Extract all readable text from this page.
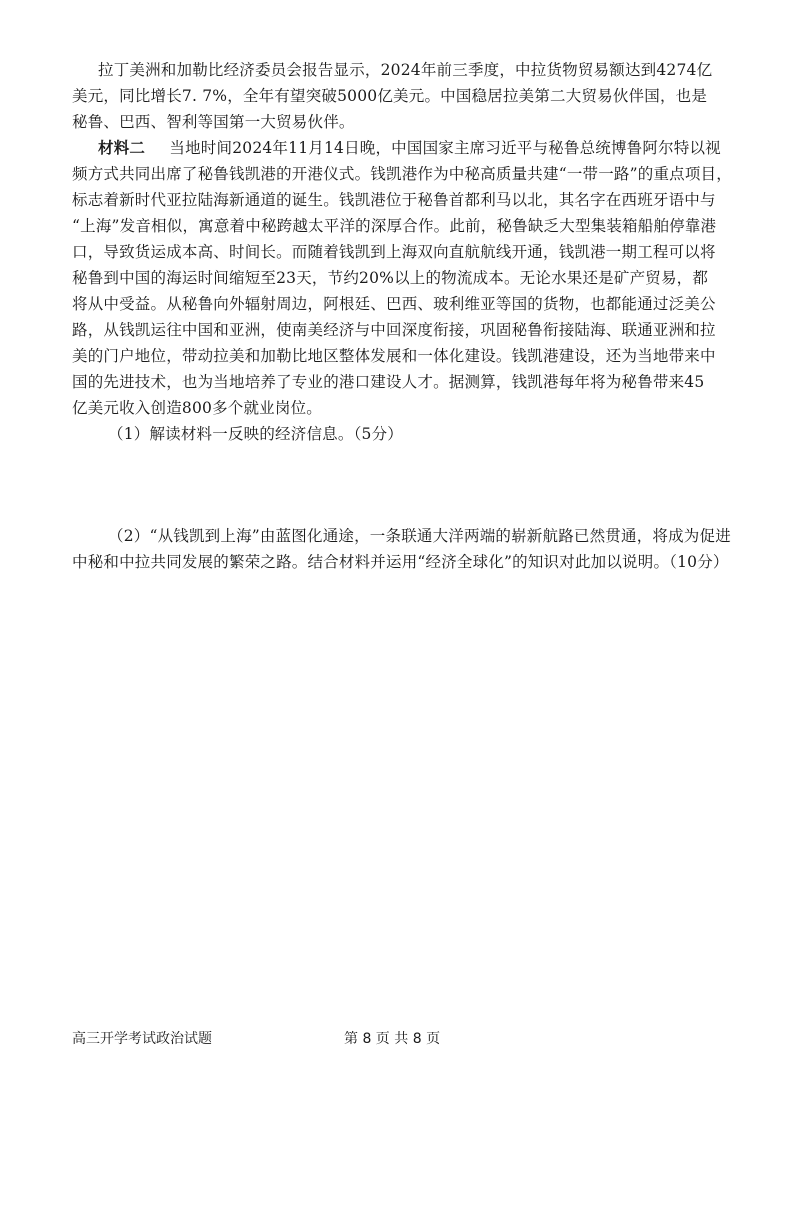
拉丁美洲和加勒比经济委员会报告显示，2024年前三季度，中拉货物贸易额达到4274亿
美元，同比增长7. 7%，全年有望突破5000亿美元。中国稳居拉美第二大贸易伙伴国，也是
秘鲁、巴西、智利等国第一大贸易伙伴。
材料二 当地时间2024年11月14日晚，中国国家主席习近平与秘鲁总统博鲁阿尔特以视
频方式共同出席了秘鲁钱凯港的开港仪式。钱凯港作为中秘高质量共建“一带一路”的重点项目，
标志着新时代亚拉陆海新通道的诞生。钱凯港位于秘鲁首都利马以北，其名字在西班牙语中与
“上海”发音相似，寓意着中秘跨越太平洋的深厚合作。此前，秘鲁缺乏大型集装箱船舶停靠港
口，导致货运成本高、时间长。而随着钱凯到上海双向直航航线开通，钱凯港一期工程可以将
秘鲁到中国的海运时间缩短至23天，节约20%以上的物流成本。无论水果还是矿产贸易，都
将从中受益。从秘鲁向外辐射周边，阿根廷、巴西、玻利维亚等国的货物，也都能通过泛美公
路，从钱凯运往中国和亚洲，使南美经济与中回深度衔接，巩固秘鲁衔接陆海、联通亚洲和拉
美的门户地位，带动拉美和加勒比地区整体发展和一体化建设。钱凯港建设，还为当地带来中
国的先进技术，也为当地培养了专业的港口建设人才。据测算，钱凯港每年将为秘鲁带来45
亿美元收入创造800多个就业岗位。
（1）解读材料一反映的经济信息。（5分）
（2）“从钱凯到上海”由蓝图化通途，一条联通大洋两端的崭新航路已然贯通，将成为促进
中秘和中拉共同发展的繁荣之路。结合材料并运用“经济全球化”的知识对此加以说明。（10分）
高三开学考试政治试题	第 8 页 共 8 页
